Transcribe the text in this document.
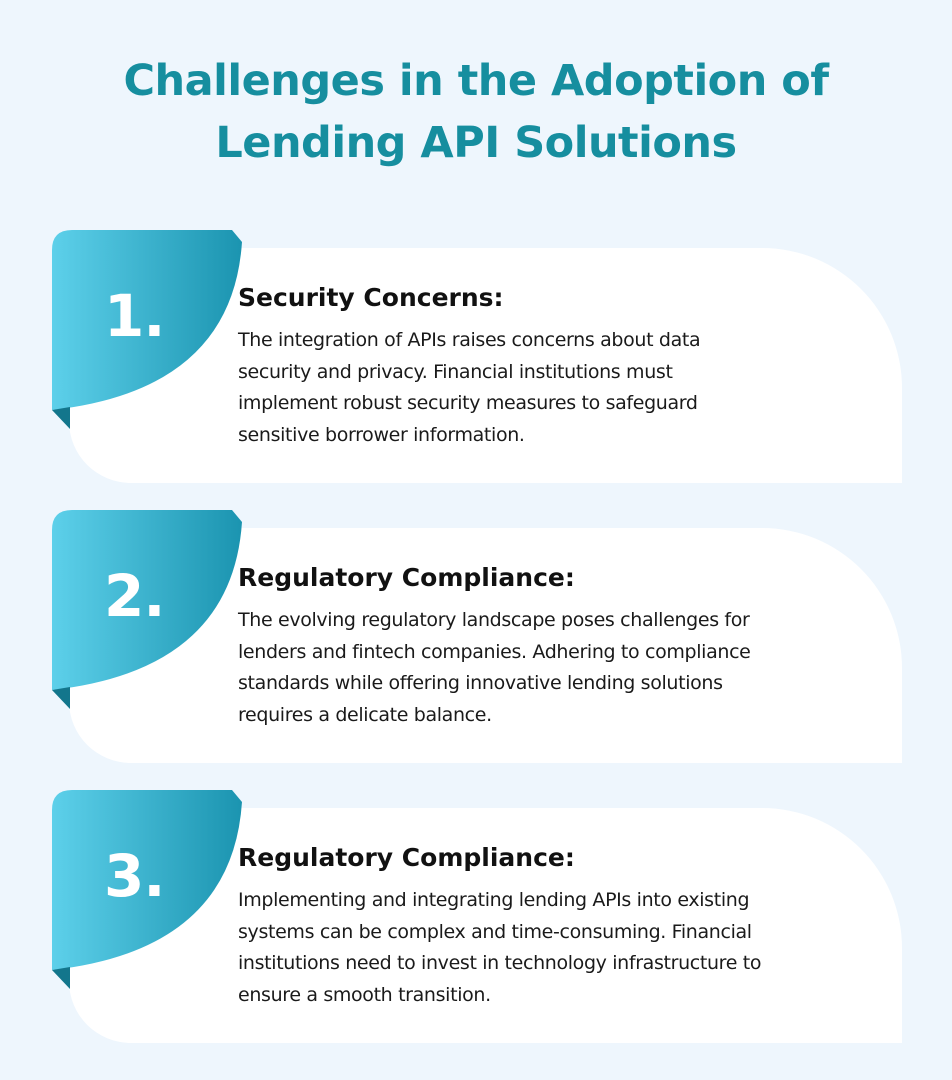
Challenges in the Adoption of
Lending API Solutions
1.	Security Concerns:

The integration of APIs raises concerns about data
security and privacy. Financial institutions must
implement robust security measures to safeguard
sensitive borrower information.

2.	Regulatory Compliance:

The evolving regulatory landscape poses challenges for
lenders and fintech companies. Adhering to compliance
standards while offering innovative lending solutions
requires a delicate balance.

3.	Regulatory Compliance:

Implementing and integrating lending APIs into existing
systems can be complex and time-consuming. Financial
institutions need to invest in technology infrastructure to
ensure a smooth transition.
